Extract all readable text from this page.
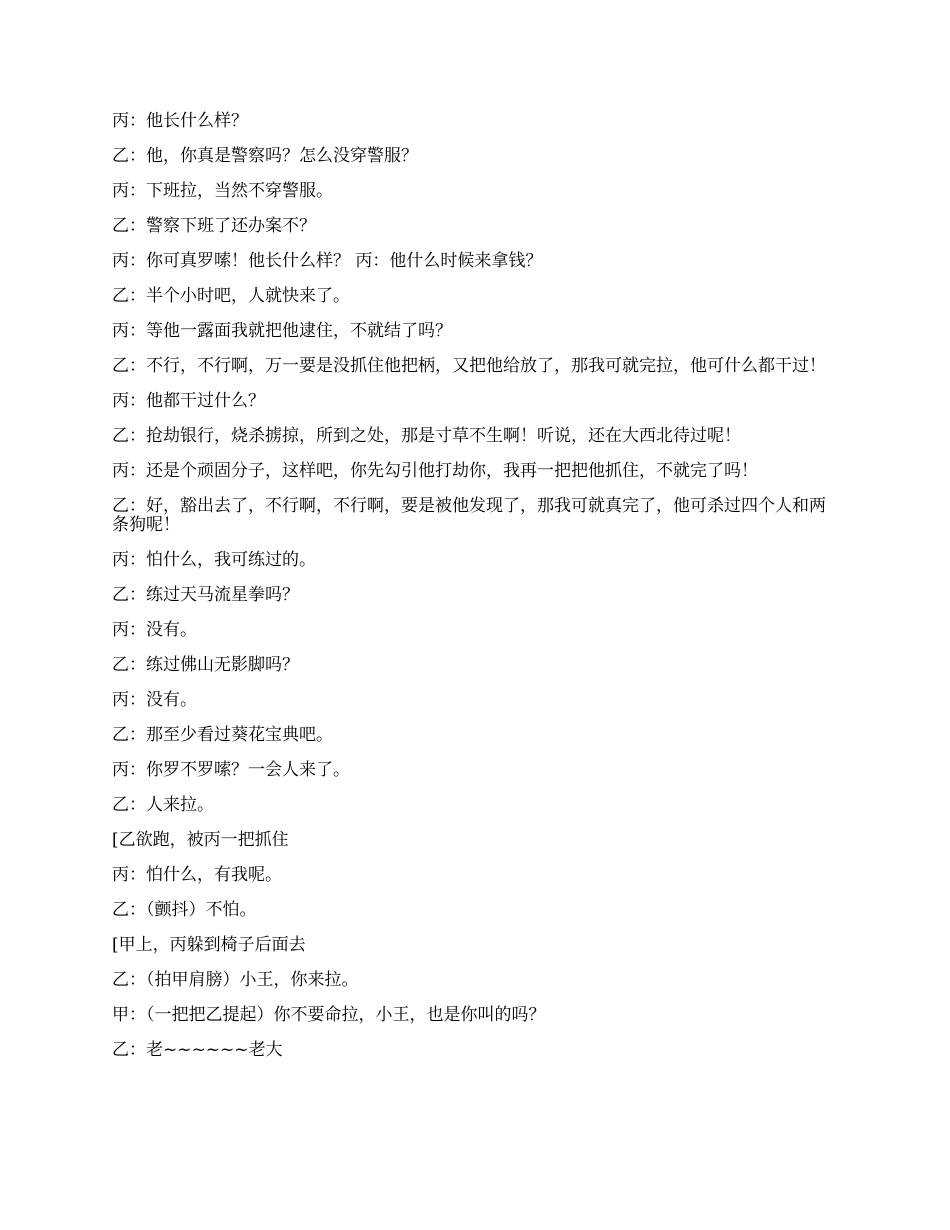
丙：他长什么样？

乙：他，你真是警察吗？怎么没穿警服？

丙：下班拉，当然不穿警服。

乙：警察下班了还办案不？

丙：你可真罗嗦！他长什么样？ 丙：他什么时候来拿钱？

乙：半个小时吧，人就快来了。

丙：等他一露面我就把他逮住，不就结了吗？

乙：不行，不行啊，万一要是没抓住他把柄，又把他给放了，那我可就完拉，他可什么都干过！

丙：他都干过什么？

乙：抢劫银行，烧杀掳掠，所到之处，那是寸草不生啊！听说，还在大西北待过呢！

丙：还是个顽固分子，这样吧，你先勾引他打劫你，我再一把把他抓住，不就完了吗！

乙：好，豁出去了，不行啊，不行啊，要是被他发现了，那我可就真完了，他可杀过四个人和两条狗呢！

丙：怕什么，我可练过的。

乙：练过天马流星拳吗？

丙：没有。

乙：练过佛山无影脚吗？

丙：没有。

乙：那至少看过葵花宝典吧。

丙：你罗不罗嗦？一会人来了。

乙：人来拉。

[乙欲跑，被丙一把抓住

丙：怕什么，有我呢。

乙：（颤抖）不怕。

[甲上，丙躲到椅子后面去

乙：（拍甲肩膀）小王，你来拉。

甲：（一把把乙提起）你不要命拉，小王，也是你叫的吗？

乙：老~~~~~~老大
